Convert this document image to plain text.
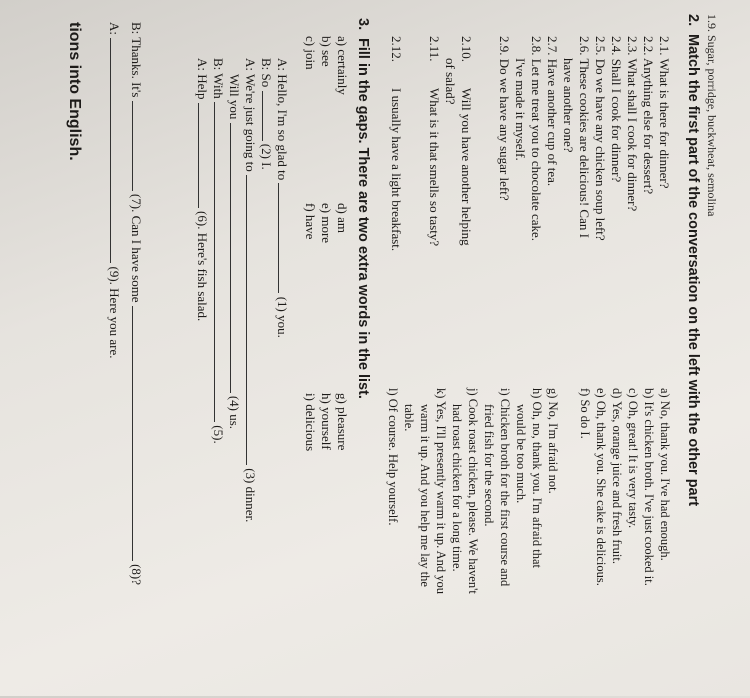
1.9. Sugar, porridge, buckwheat, semolina
2.
Match the first part of the conversation on the left with the other part
2.1. What is there for dinner?
2.2. Anything else for dessert?
2.3. What shall I cook for dinner?
2.4. Shall I cook for dinner?
2.5. Do we have any chicken soup left?
2.6. These cookies are delicious! Can I
have another one?
2.7. Have another cup of tea.
2.8. Let me treat you to chocolate cake.
I've made it myself.
2.9. Do we have any sugar left?
2.10.
Will you have another helping
of salad?
2.11.
What is it that smells so tasty?
2.12.
I usually have a light breakfast.
a) No, thank you. I've had enough.
b) It's chicken broth. I've just cooked it.
c) Oh, great! It is very tasty.
d) Yes, orange juice and fresh fruit.
e) Oh, thank you. She cake is delicious.
f) So do I.
g) No, I'm afraid not.
h) Oh, no, thank you. I'm afraid that
would be too much.
i) Chicken broth for the first course and
fried fish for the second.
j) Cook roast chicken, please. We haven't
had roast chicken for a long time.
k) Yes, I'll presently warm it up. And you
warm it up. And you help me lay the
table.
l) Of course. Help yourself.
3.
Fill in the gaps. There are two extra words in the list.
a) certainly
d) am
g) pleasure
b) see
e) more
h) yourself
c) join
f) have
i) delicious
A: Hello, I'm so glad to  (1) you.
B: So  (2) I.
A: We're just going to  (3) dinner.
Will you  (4) us.
B: With  (5).
A: Help  (6). Here's fish salad.
B: Thanks. It's  (7). Can I have some  (8)?
A:  (9). Here you are.
tions into English.
